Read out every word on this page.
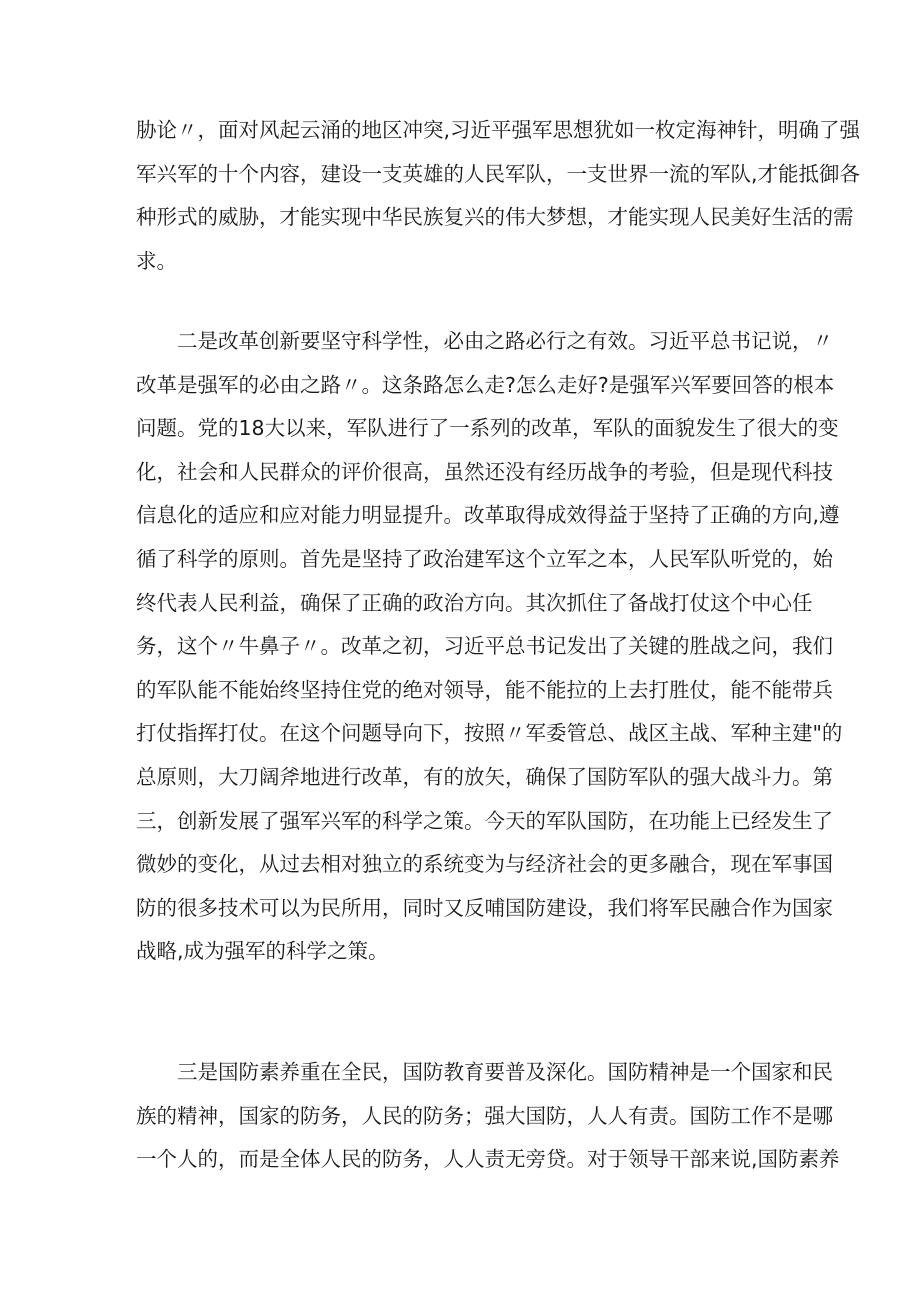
胁论〃，面对风起云涌的地区冲突,习近平强军思想犹如一枚定海神针，明确了强
军兴军的十个内容，建设一支英雄的人民军队，一支世界一流的军队,才能抵御各
种形式的威胁，才能实现中华民族复兴的伟大梦想，才能实现人民美好生活的需
求。

二是改革创新要坚守科学性，必由之路必行之有效。习近平总书记说，〃
改革是强军的必由之路〃。这条路怎么走?怎么走好?是强军兴军要回答的根本
问题。党的18大以来，军队进行了一系列的改革，军队的面貌发生了很大的变
化，社会和人民群众的评价很高，虽然还没有经历战争的考验，但是现代科技
信息化的适应和应对能力明显提升。改革取得成效得益于坚持了正确的方向,遵
循了科学的原则。首先是坚持了政治建军这个立军之本，人民军队听党的，始
终代表人民利益，确保了正确的政治方向。其次抓住了备战打仗这个中心任
务，这个〃牛鼻子〃。改革之初，习近平总书记发出了关键的胜战之问，我们
的军队能不能始终坚持住党的绝对领导，能不能拉的上去打胜仗，能不能带兵
打仗指挥打仗。在这个问题导向下，按照〃军委管总、战区主战、军种主建"的
总原则，大刀阔斧地进行改革，有的放矢，确保了国防军队的强大战斗力。第
三，创新发展了强军兴军的科学之策。今天的军队国防，在功能上已经发生了
微妙的变化，从过去相对独立的系统变为与经济社会的更多融合，现在军事国
防的很多技术可以为民所用，同时又反哺国防建设，我们将军民融合作为国家
战略,成为强军的科学之策。

三是国防素养重在全民，国防教育要普及深化。国防精神是一个国家和民
族的精神，国家的防务，人民的防务；强大国防，人人有责。国防工作不是哪
一个人的，而是全体人民的防务，人人责无旁贷。对于领导干部来说,国防素养
